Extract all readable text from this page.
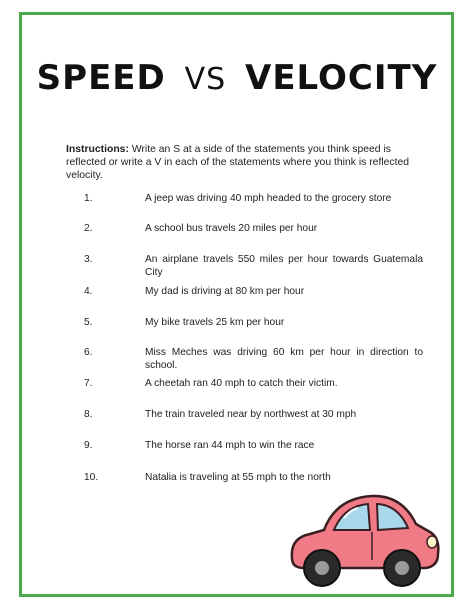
SPEED VS VELOCITY
Instructions: Write an S at a side of the statements you think speed is reflected or write a V in each of the statements where you think is reflected velocity.
1.	A jeep was driving 40 mph headed to the grocery store
2.	A school bus travels 20 miles per hour
3.	An airplane travels 550 miles per hour towards Guatemala City
4.	My dad is driving at 80 km per hour
5.	My bike travels 25 km per hour
6.	Miss Meches was driving 60 km per hour in direction to school.
7.	A cheetah ran 40 mph to catch their victim.
8.	The train traveled near by northwest at 30 mph
9.	The horse ran 44 mph to win the race
10.	Natalia is traveling at 55 mph to the north
